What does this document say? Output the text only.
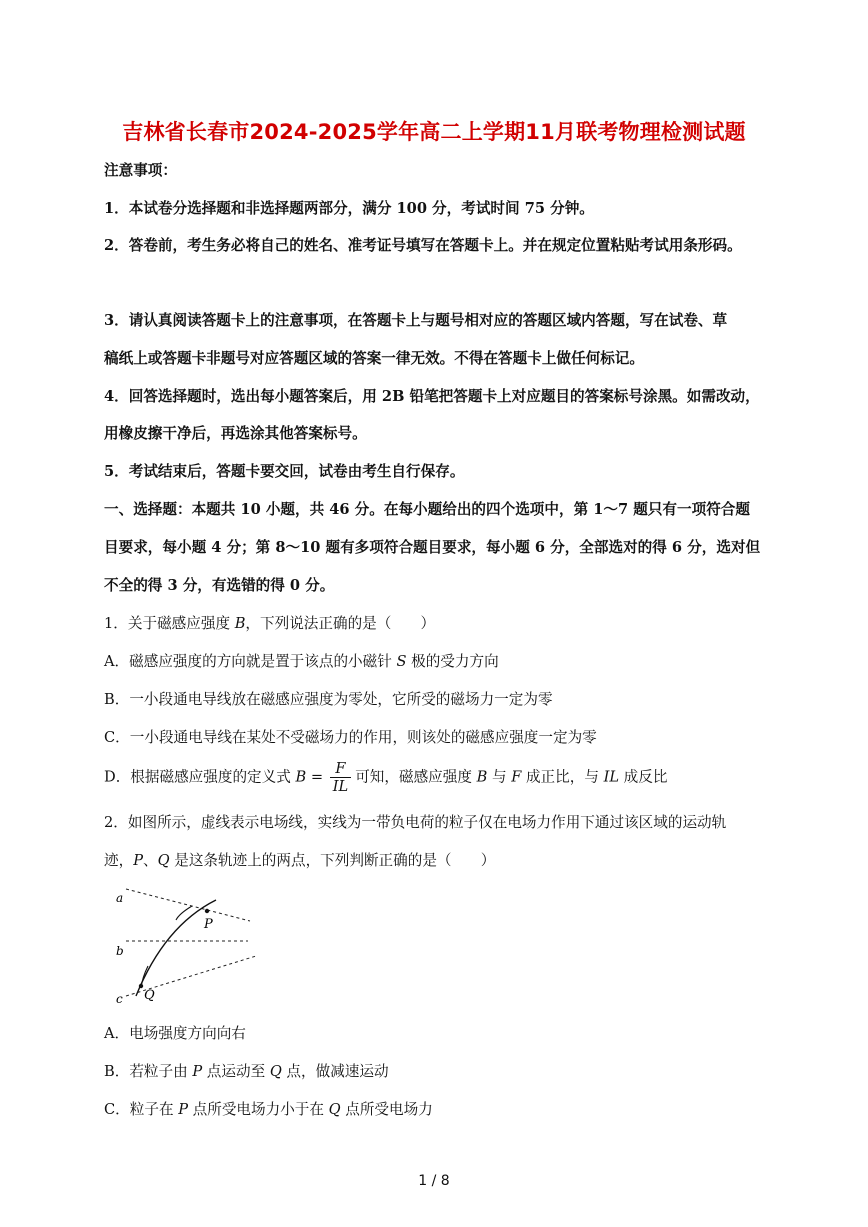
吉林省长春市2024-2025学年高二上学期11月联考物理检测试题
注意事项：
1．本试卷分选择题和非选择题两部分，满分 100 分，考试时间 75 分钟。
2．答卷前，考生务必将自己的姓名、准考证号填写在答题卡上。并在规定位置粘贴考试用条形码。
3．请认真阅读答题卡上的注意事项，在答题卡上与题号相对应的答题区域内答题，写在试卷、草
稿纸上或答题卡非题号对应答题区域的答案一律无效。不得在答题卡上做任何标记。
4．回答选择题时，选出每小题答案后，用 2B 铅笔把答题卡上对应题目的答案标号涂黑。如需改动，
用橡皮擦干净后，再选涂其他答案标号。
5．考试结束后，答题卡要交回，试卷由考生自行保存。
一、选择题：本题共 10 小题，共 46 分。在每小题给出的四个选项中，第 1～7 题只有一项符合题
目要求，每小题 4 分；第 8～10 题有多项符合题目要求，每小题 6 分，全部选对的得 6 分，选对但
不全的得 3 分，有选错的得 0 分。
1．关于磁感应强度 B，下列说法正确的是（　　）
A．磁感应强度的方向就是置于该点的小磁针 S 极的受力方向
B．一小段通电导线放在磁感应强度为零处，它所受的磁场力一定为零
C．一小段通电导线在某处不受磁场力的作用，则该处的磁感应强度一定为零
D．根据磁感应强度的定义式 $B = \frac{F}{IL}$ 可知，磁感应强度 B 与 F 成正比，与 IL 成反比
2．如图所示，虚线表示电场线，实线为一带负电荷的粒子仅在电场力作用下通过该区域的运动轨
迹，P、Q 是这条轨迹上的两点，下列判断正确的是（　　）
a
b
c
P
Q
A．电场强度方向向右
B．若粒子由 P 点运动至 Q 点，做减速运动
C．粒子在 P 点所受电场力小于在 Q 点所受电场力
1 / 8
